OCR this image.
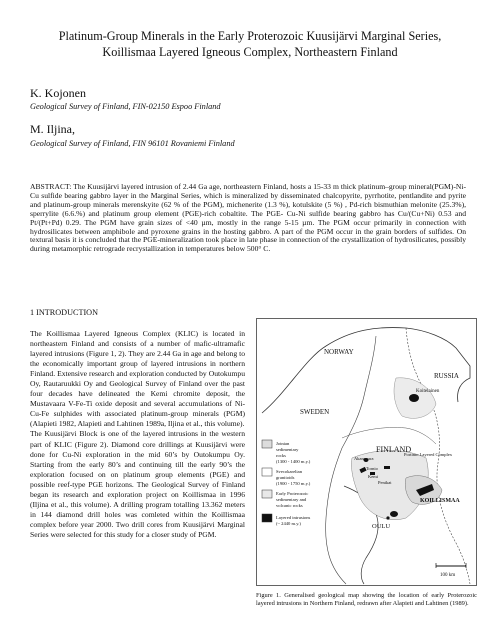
Platinum-Group Minerals in the Early Proterozoic Kuusijärvi Marginal Series,
Koillismaa Layered Igneous Complex, Northeastern Finland
K. Kojonen
Geological Survey of Finland, FIN-02150 Espoo Finland
M. Iljina,
Geological Survey of Finland, FIN 96101 Rovaniemi Finland
ABSTRACT: The Kuusijärvi layered intrusion of 2.44 Ga age, northeastern Finland, hosts a 15-33 m thick platinum–group mineral(PGM)-Ni-Cu sulfide bearing gabbro layer in the Marginal Series, which is mineralized by disseminated chalcopyrite, pyrrhotite, pentlandite and pyrite and platinum-group minerals merenskyite (62 % of the PGM), michenerite (1.3 %), kotulskite (5 %) , Pd-rich bismuthian melonite (25.3%), sperrylite (6.6.%) and platinum group element (PGE)-rich cobaltite. The PGE- Cu-Ni sulfide bearing gabbro has Cu/(Cu+Ni) 0.53 and Pt/(Pt+Pd) 0.29. The PGM have grain sizes of <40 µm, mostly in the range 5-15 µm. The PGM occur primarily in connection with hydrosilicates between amphibole and pyroxene grains in the hosting gabbro. A part of the PGM occur in the grain borders of sulfides. On textural basis it is concluded that the PGE-mineralization took place in late phase in connection of the crystallization of hydrosilicates, possibly during metamorphic retrograde recrystallization in temperatures below 500° C.
1 INTRODUCTION

The Koillismaa Layered Igneous Complex (KLIC) is located in northeastern Finland and consists of a number of mafic-ultramafic layered intrusions (Figure 1, 2). They are 2.44 Ga in age and belong to the economically important group of layered intrusions in northern Finland. Extensive research and exploration conducted by Outokumpu Oy, Rautaruukki Oy and Geological Survey of Finland over the past four decades have delineated the Kemi chromite deposit, the Mustavaara V-Fe-Ti oxide deposit and several accumulations of Ni-Cu-Fe sulphides with associated platinum-group minerals (PGM)(Alapieti 1982, Alapieti and Lahtinen 1989a, Iljina et al., this volume).

The Kuusijärvi Block is one of the layered intrusions in the western part of KLIC (Figure 2). Diamond core drillings at Kuusijärvi were done for Cu-Ni exploration in the mid 60’s by Outokumpu Oy. Starting from the early 80’s and continuing till the early 90’s the exploration focused on on platinum group elements (PGE) and possible reef-type PGE horizons. The Geological Survey of Finland began its research and exploration project on Koillismaa in 1996 (Iljina et al., this volume). A drilling program totalling 13.362 meters in 144 diamond drill holes was comleted within the Koillismaa complex before year 2000. Two drill cores from Kuusijärvi Marginal Series were selected for this study for a closer study of PGM.

NORWAY
SWEDEN
RUSSIA
FINLAND
Koitelainen
Portimo Layered Complex
Kemi
Penikat
Tornio
Akanvaara
OULU
KOILLISMAA
Jotnian
sedimentary
rocks
(1300 - 1400 m.y.)
Svecokarelian
granitoids
(1900 - 1750 m.y.)
Early Proterozoic
sedimentary and
volcanic rocks
Layered intrusions
(~ 2440 m.y.)
100 km
Figure 1. Generalised geological map showing the location of early Proterozoic layered intrusions in Northern Finland, redrawn after Alapieti and Lahtinen (1989).
